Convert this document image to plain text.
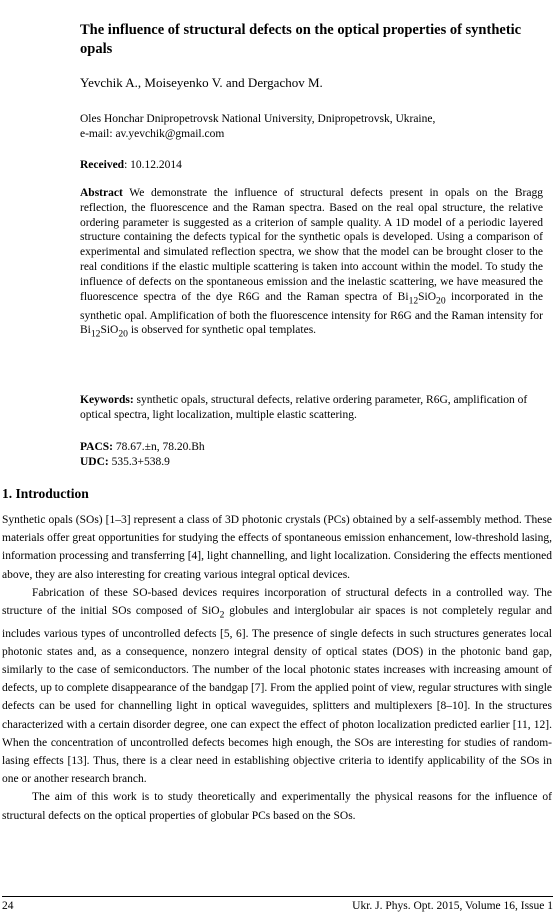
The influence of structural defects on the optical properties of synthetic opals
Yevchik A., Moiseyenko V. and Dergachov M.
Oles Honchar Dnipropetrovsk National University, Dnipropetrovsk, Ukraine,
e-mail: av.yevchik@gmail.com
Received: 10.12.2014
Abstract We demonstrate the influence of structural defects present in opals on the Bragg reflection, the fluorescence and the Raman spectra. Based on the real opal structure, the relative ordering parameter is suggested as a criterion of sample quality. A 1D model of a periodic layered structure containing the defects typical for the synthetic opals is developed. Using a comparison of experimental and simulated reflection spectra, we show that the model can be brought closer to the real conditions if the elastic multiple scattering is taken into account within the model. To study the influence of defects on the spontaneous emission and the inelastic scattering, we have measured the fluorescence spectra of the dye R6G and the Raman spectra of $Bi_{12}SiO_{20}$ incorporated in the synthetic opal. Amplification of both the fluorescence intensity for R6G and the Raman intensity for $Bi_{12}SiO_{20}$ is observed for synthetic opal templates.
Keywords: synthetic opals, structural defects, relative ordering parameter, R6G, amplification of optical spectra, light localization, multiple elastic scattering.
PACS: 78.67.±n, 78.20.Bh
UDC: 535.3+538.9
1. Introduction

Synthetic opals (SOs) [1–3] represent a class of 3D photonic crystals (PCs) obtained by a self-assembly method. These materials offer great opportunities for studying the effects of spontaneous emission enhancement, low-threshold lasing, information processing and transferring [4], light channelling, and light localization. Considering the effects mentioned above, they are also interesting for creating various integral optical devices.

Fabrication of these SO-based devices requires incorporation of structural defects in a controlled way. The structure of the initial SOs composed of SiO$_2$ globules and interglobular air spaces is not completely regular and includes various types of uncontrolled defects [5, 6]. The presence of single defects in such structures generates local photonic states and, as a consequence, nonzero integral density of optical states (DOS) in the photonic band gap, similarly to the case of semiconductors. The number of the local photonic states increases with increasing amount of defects, up to complete disappearance of the bandgap [7]. From the applied point of view, regular structures with single defects can be used for channelling light in optical waveguides, splitters and multiplexers [8–10]. In the structures characterized with a certain disorder degree, one can expect the effect of photon localization predicted earlier [11, 12]. When the concentration of uncontrolled defects becomes high enough, the SOs are interesting for studies of random-lasing effects [13]. Thus, there is a clear need in establishing objective criteria to identify applicability of the SOs in one or another research branch.

The aim of this work is to study theoretically and experimentally the physical reasons for the influence of structural defects on the optical properties of globular PCs based on the SOs.

24	Ukr. J. Phys. Opt. 2015, Volume 16, Issue 1
